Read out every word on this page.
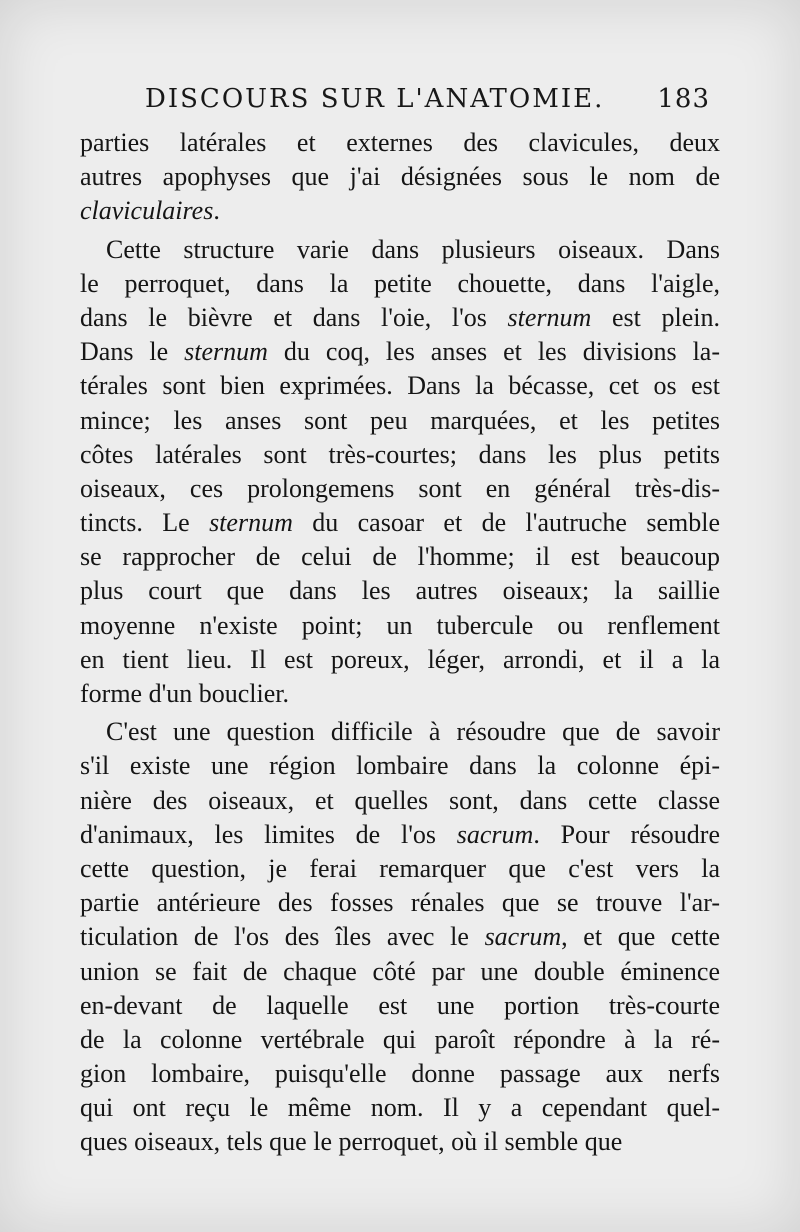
DISCOURS SUR L'ANATOMIE. 183
parties latérales et externes des clavicules, deux
autres apophyses que j'ai désignées sous le nom de
claviculaires.
Cette structure varie dans plusieurs oiseaux. Dans
le perroquet, dans la petite chouette, dans l'aigle,
dans le bièvre et dans l'oie, l'os sternum est plein.
Dans le sternum du coq, les anses et les divisions la-
térales sont bien exprimées. Dans la bécasse, cet os est
mince; les anses sont peu marquées, et les petites
côtes latérales sont très-courtes; dans les plus petits
oiseaux, ces prolongemens sont en général très-dis-
tincts. Le sternum du casoar et de l'autruche semble
se rapprocher de celui de l'homme; il est beaucoup
plus court que dans les autres oiseaux; la saillie
moyenne n'existe point; un tubercule ou renflement
en tient lieu. Il est poreux, léger, arrondi, et il a la
forme d'un bouclier.
C'est une question difficile à résoudre que de savoir
s'il existe une région lombaire dans la colonne épi-
nière des oiseaux, et quelles sont, dans cette classe
d'animaux, les limites de l'os sacrum. Pour résoudre
cette question, je ferai remarquer que c'est vers la
partie antérieure des fosses rénales que se trouve l'ar-
ticulation de l'os des îles avec le sacrum, et que cette
union se fait de chaque côté par une double éminence
en-devant de laquelle est une portion très-courte
de la colonne vertébrale qui paroît répondre à la ré-
gion lombaire, puisqu'elle donne passage aux nerfs
qui ont reçu le même nom. Il y a cependant quel-
ques oiseaux, tels que le perroquet, où il semble que
